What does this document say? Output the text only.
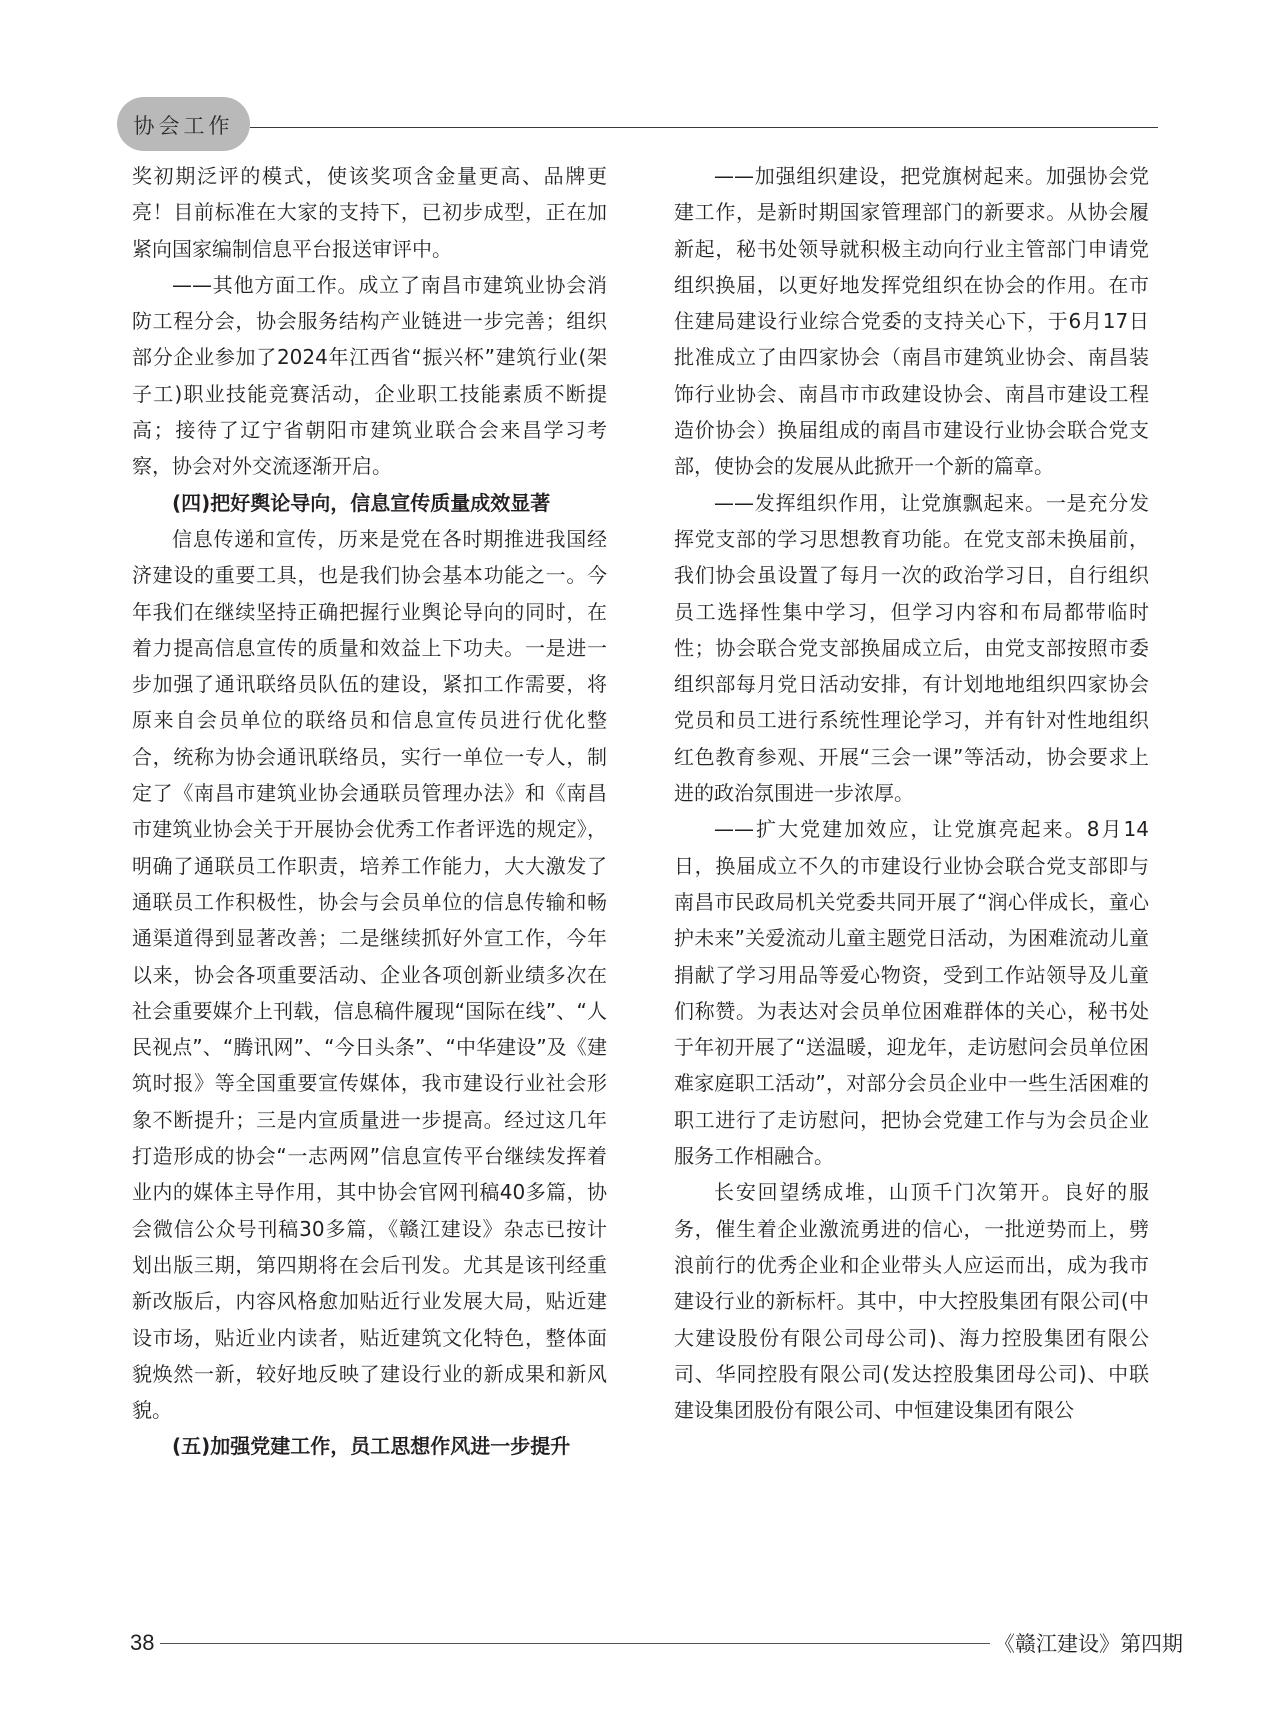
协会工作

奖初期泛评的模式，使该奖项含金量更高、品牌更亮！目前标准在大家的支持下，已初步成型，正在加紧向国家编制信息平台报送审评中。

——其他方面工作。成立了南昌市建筑业协会消防工程分会，协会服务结构产业链进一步完善；组织部分企业参加了2024年江西省“振兴杯”建筑行业(架子工)职业技能竞赛活动，企业职工技能素质不断提高；接待了辽宁省朝阳市建筑业联合会来昌学习考察，协会对外交流逐渐开启。

(四)把好舆论导向，信息宣传质量成效显著

信息传递和宣传，历来是党在各时期推进我国经济建设的重要工具，也是我们协会基本功能之一。今年我们在继续坚持正确把握行业舆论导向的同时，在着力提高信息宣传的质量和效益上下功夫。一是进一步加强了通讯联络员队伍的建设，紧扣工作需要，将原来自会员单位的联络员和信息宣传员进行优化整合，统称为协会通讯联络员，实行一单位一专人，制定了《南昌市建筑业协会通联员管理办法》和《南昌市建筑业协会关于开展协会优秀工作者评选的规定》，明确了通联员工作职责，培养工作能力，大大激发了通联员工作积极性，协会与会员单位的信息传输和畅通渠道得到显著改善；二是继续抓好外宣工作，今年以来，协会各项重要活动、企业各项创新业绩多次在社会重要媒介上刊载，信息稿件履现“国际在线”、“人民视点”、“腾讯网”、“今日头条”、“中华建设”及《建筑时报》等全国重要宣传媒体，我市建设行业社会形象不断提升；三是内宣质量进一步提高。经过这几年打造形成的协会“一志两网”信息宣传平台继续发挥着业内的媒体主导作用，其中协会官网刊稿40多篇，协会微信公众号刊稿30多篇，《赣江建设》杂志已按计划出版三期，第四期将在会后刊发。尤其是该刊经重新改版后，内容风格愈加贴近行业发展大局，贴近建设市场，贴近业内读者，贴近建筑文化特色，整体面貌焕然一新，较好地反映了建设行业的新成果和新风貌。

(五)加强党建工作，员工思想作风进一步提升

——加强组织建设，把党旗树起来。加强协会党建工作，是新时期国家管理部门的新要求。从协会履新起，秘书处领导就积极主动向行业主管部门申请党组织换届，以更好地发挥党组织在协会的作用。在市住建局建设行业综合党委的支持关心下，于6月17日批准成立了由四家协会（南昌市建筑业协会、南昌装饰行业协会、南昌市市政建设协会、南昌市建设工程造价协会）换届组成的南昌市建设行业协会联合党支部，使协会的发展从此掀开一个新的篇章。

——发挥组织作用，让党旗飘起来。一是充分发挥党支部的学习思想教育功能。在党支部未换届前，我们协会虽设置了每月一次的政治学习日，自行组织员工选择性集中学习，但学习内容和布局都带临时性；协会联合党支部换届成立后，由党支部按照市委组织部每月党日活动安排，有计划地地组织四家协会党员和员工进行系统性理论学习，并有针对性地组织红色教育参观、开展“三会一课”等活动，协会要求上进的政治氛围进一步浓厚。

——扩大党建加效应，让党旗亮起来。8月14日，换届成立不久的市建设行业协会联合党支部即与南昌市民政局机关党委共同开展了“润心伴成长，童心护未来”关爱流动儿童主题党日活动，为困难流动儿童捐献了学习用品等爱心物资，受到工作站领导及儿童们称赞。为表达对会员单位困难群体的关心，秘书处于年初开展了“送温暖，迎龙年，走访慰问会员单位困难家庭职工活动”，对部分会员企业中一些生活困难的职工进行了走访慰问，把协会党建工作与为会员企业服务工作相融合。

长安回望绣成堆，山顶千门次第开。良好的服务，催生着企业激流勇进的信心，一批逆势而上，劈浪前行的优秀企业和企业带头人应运而出，成为我市建设行业的新标杆。其中，中大控股集团有限公司(中大建设股份有限公司母公司)、海力控股集团有限公司、华同控股有限公司(发达控股集团母公司)、中联建设集团股份有限公司、中恒建设集团有限公

38	《赣江建设》第四期
